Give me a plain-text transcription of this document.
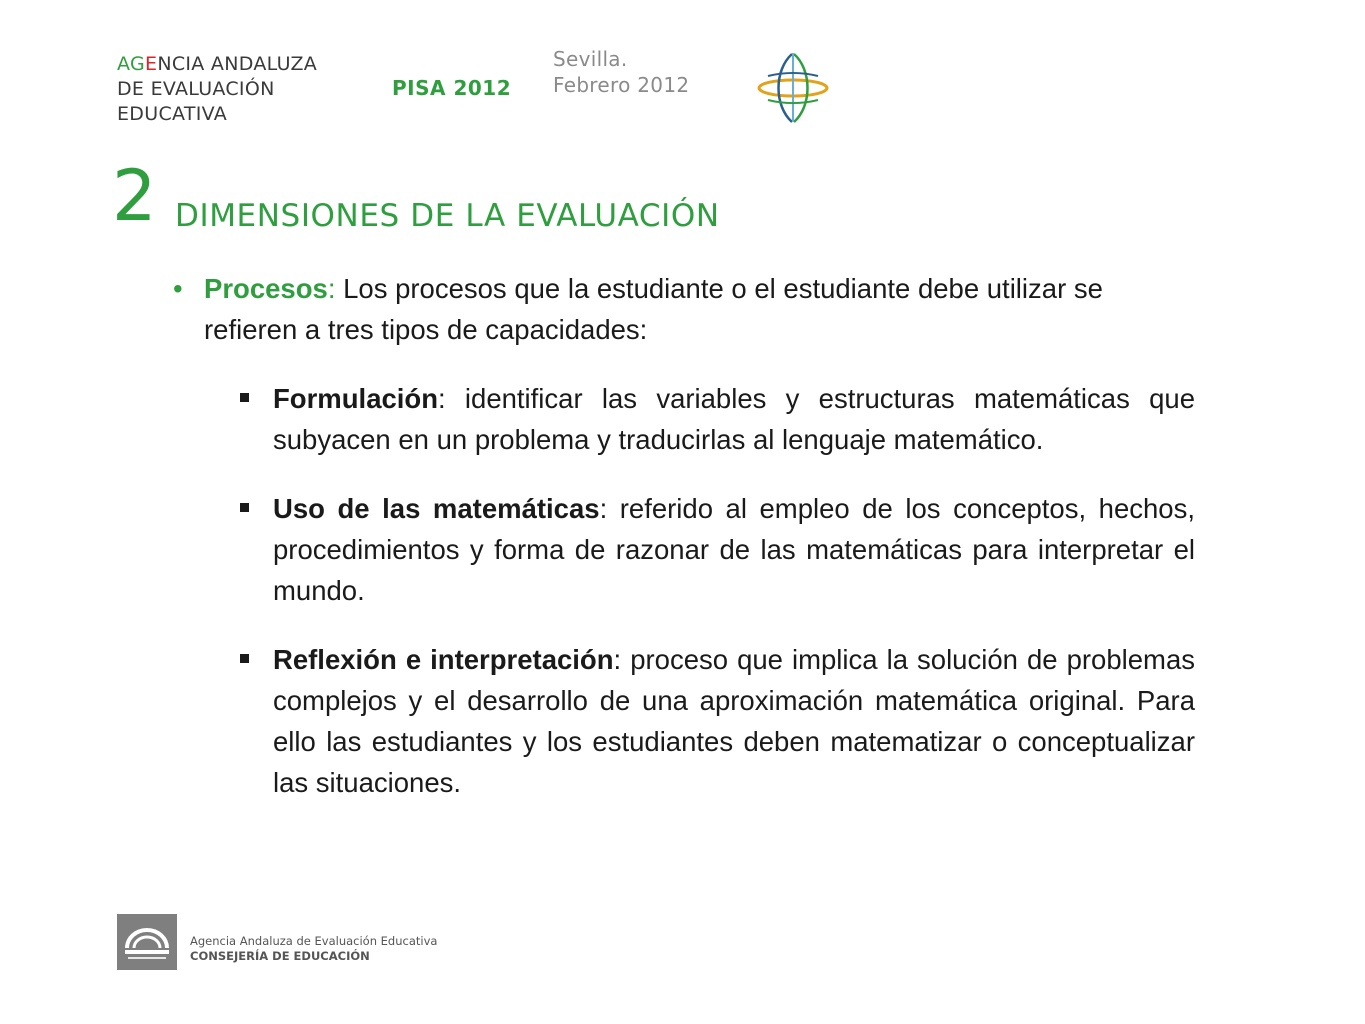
AGENCIA ANDALUZA
DE EVALUACIÓN
EDUCATIVA
PISA 2012
Sevilla.
Febrero 2012
2 DIMENSIONES DE LA EVALUACIÓN
• Procesos: Los procesos que la estudiante o el estudiante debe utilizar se refieren a tres tipos de capacidades:
Formulación: identificar las variables y estructuras matemáticas que subyacen en un problema y traducirlas al lenguaje matemático.
Uso de las matemáticas: referido al empleo de los conceptos, hechos, procedimientos y forma de razonar de las matemáticas para interpretar el mundo.
Reflexión e interpretación: proceso que implica la solución de problemas complejos y el desarrollo de una aproximación matemática original. Para ello las estudiantes y los estudiantes deben matematizar o conceptualizar las situaciones.
Agencia Andaluza de Evaluación Educativa
CONSEJERÍA DE EDUCACIÓN
